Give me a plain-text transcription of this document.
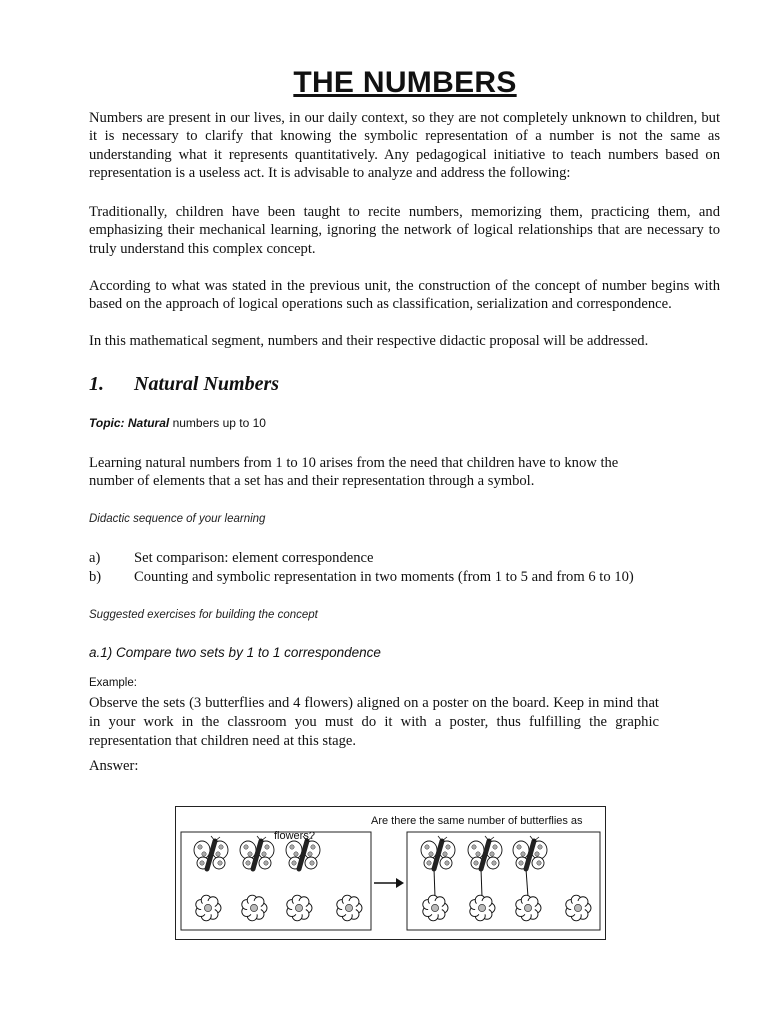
THE NUMBERS

Numbers are present in our lives, in our daily context, so they are not completely unknown to children, but it is necessary to clarify that knowing the symbolic representation of a number is not the same as understanding what it represents quantitatively. Any pedagogical initiative to teach numbers based on representation is a useless act. It is advisable to analyze and address the following:

Traditionally, children have been taught to recite numbers, memorizing them, practicing them, and emphasizing their mechanical learning, ignoring the network of logical relationships that are necessary to truly understand this complex concept.

According to what was stated in the previous unit, the construction of the concept of number begins with based on the approach of logical operations such as classification, serialization and correspondence.

In this mathematical segment, numbers and their respective didactic proposal will be addressed.

1. Natural Numbers

Topic: Natural numbers up to 10

Learning natural numbers from 1 to 10 arises from the need that children have to know the number of elements that a set has and their representation through a symbol.

Didactic sequence of your learning

a)	Set comparison: element correspondence
b)	Counting and symbolic representation in two moments (from 1 to 5 and from 6 to 10)

Suggested exercises for building the concept

a.1) Compare two sets by 1 to 1 correspondence

Example:

Observe the sets (3 butterflies and 4 flowers) aligned on a poster on the board. Keep in mind that in your work in the classroom you must do it with a poster, thus fulfilling the graphic representation that children need at this stage.

Answer:

Are there the same number of butterflies as

flowers?
